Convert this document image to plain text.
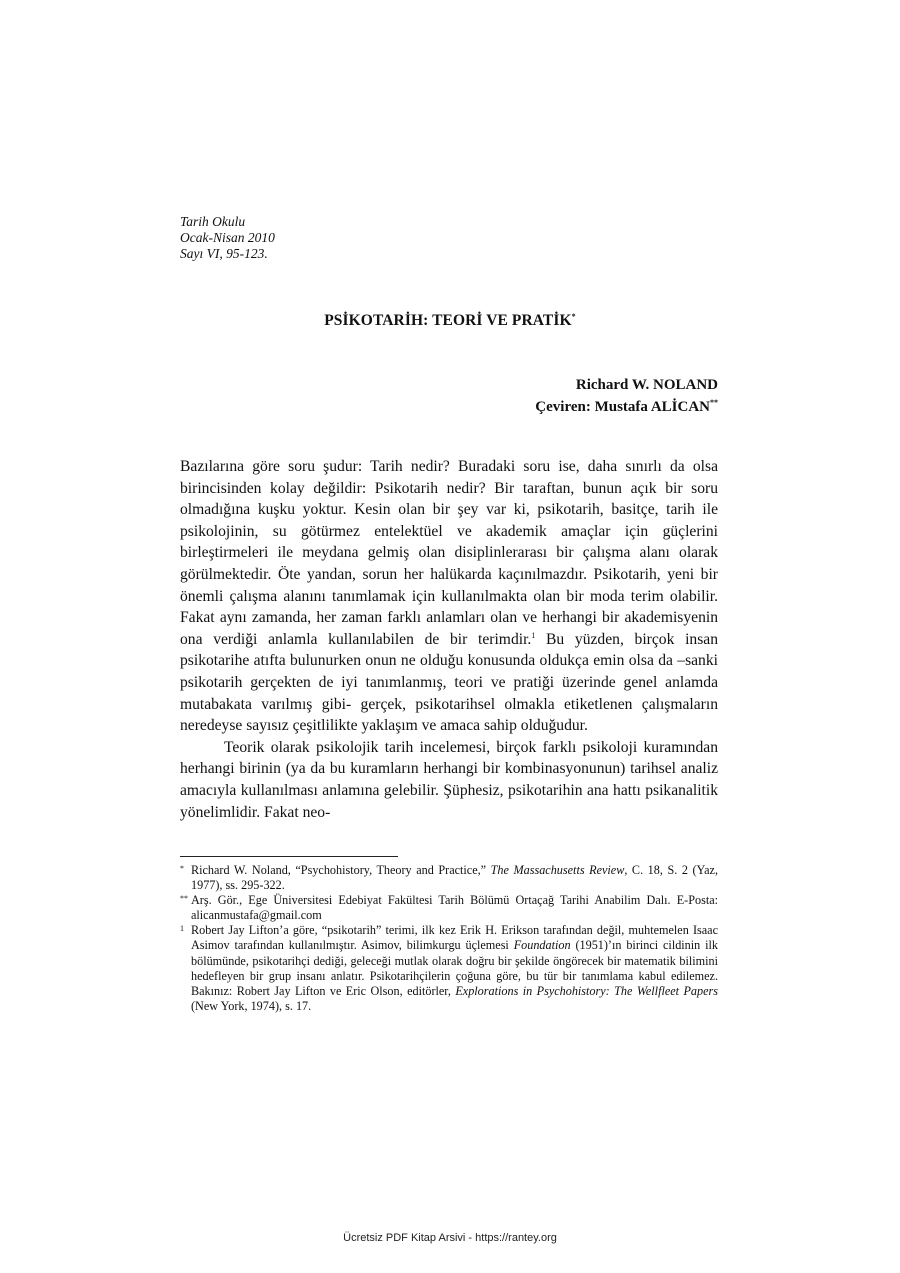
Tarih Okulu
Ocak-Nisan 2010
Sayı VI, 95-123.
PSİKOTARİH: TEORİ VE PRATİK*
Richard W. NOLAND
Çeviren: Mustafa ALİCAN**

Bazılarına göre soru şudur: Tarih nedir? Buradaki soru ise, daha sınırlı da olsa birincisinden kolay değildir: Psikotarih nedir? Bir taraftan, bunun açık bir soru olmadığına kuşku yoktur. Kesin olan bir şey var ki, psikotarih, basitçe, tarih ile psikolojinin, su götürmez entelektüel ve akademik amaçlar için güçlerini birleştirmeleri ile meydana gelmiş olan disiplinlerarası bir çalışma alanı olarak görülmektedir. Öte yandan, sorun her halükarda kaçınılmazdır. Psikotarih, yeni bir önemli çalışma alanını tanımlamak için kullanılmakta olan bir moda terim olabilir. Fakat aynı zamanda, her zaman farklı anlamları olan ve herhangi bir akademisyenin ona verdiği anlamla kullanılabilen de bir terimdir.$^1$ Bu yüzden, birçok insan psikotarihe atıfta bulunurken onun ne olduğu konusunda oldukça emin olsa da –sanki psikotarih gerçekten de iyi tanımlanmış, teori ve pratiği üzerinde genel anlamda mutabakata varılmış gibi- gerçek, psikotarihsel olmakla etiketlenen çalışmaların neredeyse sayısız çeşitlilikte yaklaşım ve amaca sahip olduğudur.

Teorik olarak psikolojik tarih incelemesi, birçok farklı psikoloji kuramından herhangi birinin (ya da bu kuramların herhangi bir kombinasyonunun) tarihsel analiz amacıyla kullanılması anlamına gelebilir. Şüphesiz, psikotarihin ana hattı psikanalitik yönelimlidir. Fakat neo-

* Richard W. Noland, “Psychohistory, Theory and Practice,” The Massachusetts Review, C. 18, S. 2 (Yaz, 1977), ss. 295-322.
** Arş. Gör., Ege Üniversitesi Edebiyat Fakültesi Tarih Bölümü Ortaçağ Tarihi Anabilim Dalı. E-Posta: alicanmustafa@gmail.com
1 Robert Jay Lifton’a göre, “psikotarih” terimi, ilk kez Erik H. Erikson tarafından değil, muhtemelen Isaac Asimov tarafından kullanılmıştır. Asimov, bilimkurgu üçlemesi Foundation (1951)’ın birinci cildinin ilk bölümünde, psikotarihçi dediği, geleceği mutlak olarak doğru bir şekilde öngörecek bir matematik bilimini hedefleyen bir grup insanı anlatır. Psikotarihçilerin çoğuna göre, bu tür bir tanımlama kabul edilemez. Bakınız: Robert Jay Lifton ve Eric Olson, editörler, Explorations in Psychohistory: The Wellfleet Papers (New York, 1974), s. 17.
Ücretsiz PDF Kitap Arsivi - https://rantey.org
